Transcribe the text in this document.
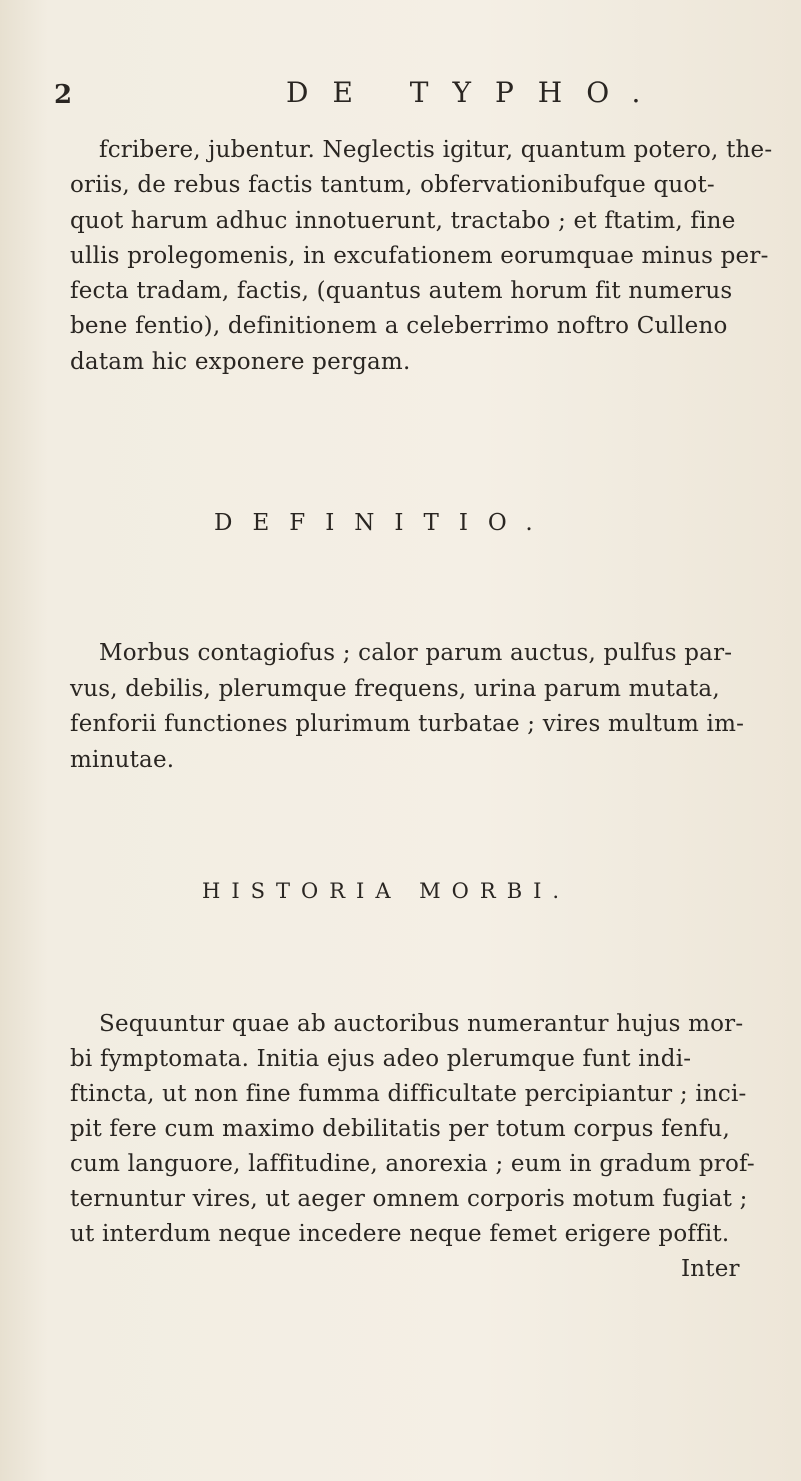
2	DE TYPHO.
fcribere, jubentur. Neglectis igitur, quantum potero, the-
oriis, de rebus factis tantum, obfervationibufque quot-
quot harum adhuc innotuerunt, tractabo ; et ftatim, fine
ullis prolegomenis, in excufationem eorumquae minus per-
fecta tradam, factis, (quantus autem horum fit numerus
bene fentio), definitionem a celeberrimo noftro Culleno
datam hic exponere pergam.
DEFINITIO.
Morbus contagiofus ; calor parum auctus, pulfus par-
vus, debilis, plerumque frequens, urina parum mutata,
fenforii functiones plurimum turbatae ; vires multum im-
minutae.
HISTORIA MORBI.
Sequuntur quae ab auctoribus numerantur hujus mor-
bi fymptomata. Initia ejus adeo plerumque funt indi-
ftincta, ut non fine fumma difficultate percipiantur ; inci-
pit fere cum maximo debilitatis per totum corpus fenfu,
cum languore, laffitudine, anorexia ; eum in gradum prof-
ternuntur vires, ut aeger omnem corporis motum fugiat ;
ut interdum neque incedere neque femet erigere poffit.
Inter
